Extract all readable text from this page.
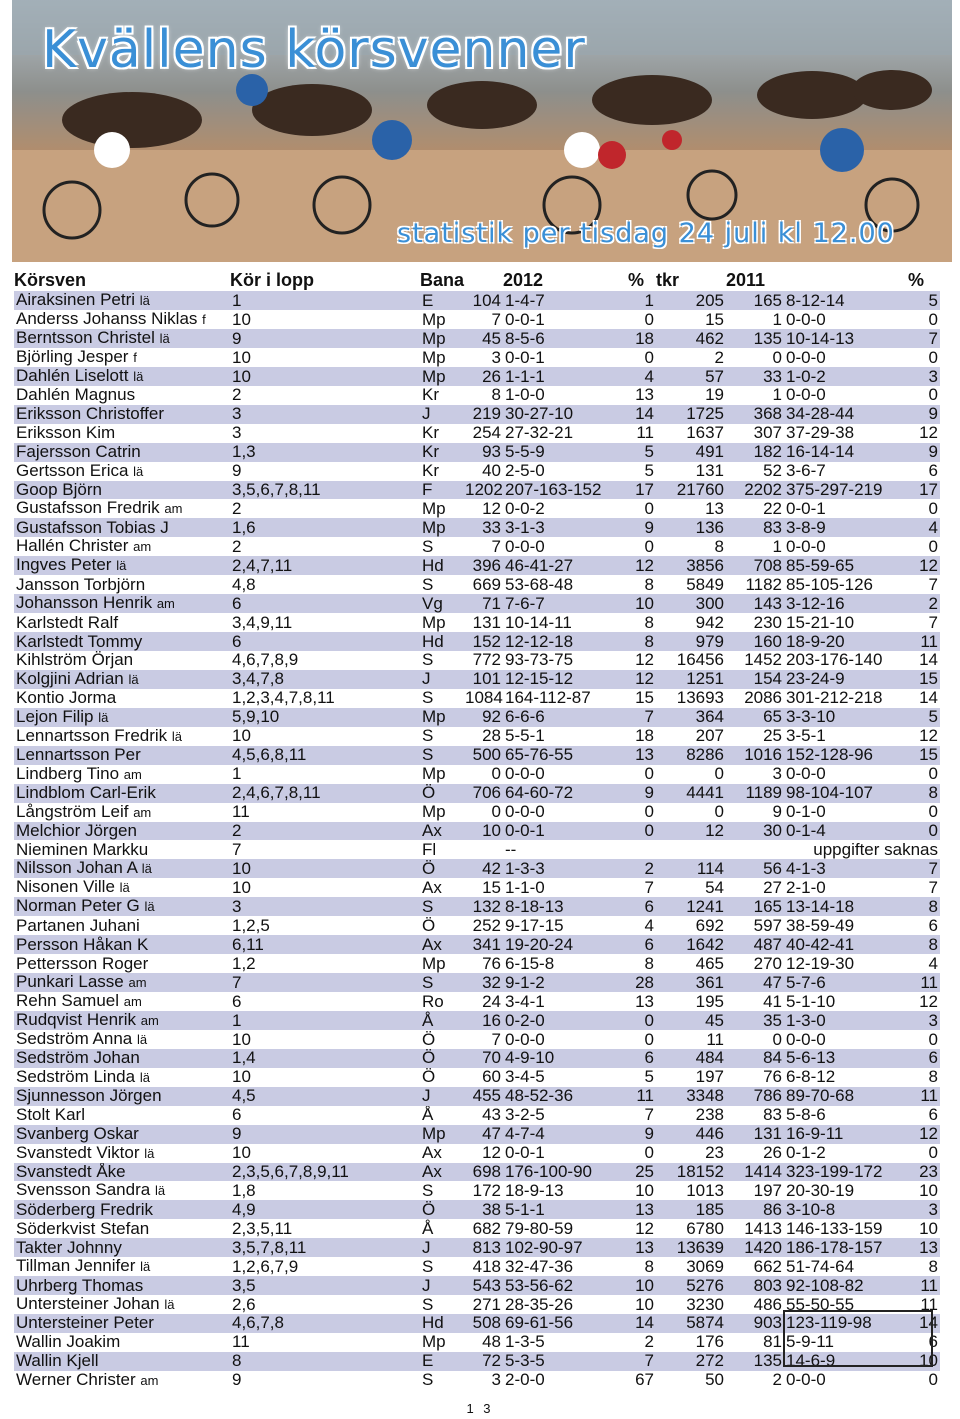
Kvällens körsvenner
statistik per tisdag 24 juli kl 12.00
Körsven	Kör i lopp	Bana		2012	%	tkr	2011		%
Airaksinen Petri lä	1	E	104	1-4-7	1	205	165	8-12-14	5
Anderss Johanss Niklas f	10	Mp	7	0-0-1	0	15	1	0-0-0	0
Berntsson Christel lä	9	Mp	45	8-5-6	18	462	135	10-14-13	7
Björling Jesper f	10	Mp	3	0-0-1	0	2	0	0-0-0	0
Dahlén Liselott lä	10	Mp	26	1-1-1	4	57	33	1-0-2	3
Dahlén Magnus	2	Kr	8	1-0-0	13	19	1	0-0-0	0
Eriksson Christoffer	3	J	219	30-27-10	14	1725	368	34-28-44	9
Eriksson Kim	3	Kr	254	27-32-21	11	1637	307	37-29-38	12
Fajersson Catrin	1,3	Kr	93	5-5-9	5	491	182	16-14-14	9
Gertsson Erica lä	9	Kr	40	2-5-0	5	131	52	3-6-7	6
Goop Björn	3,5,6,7,8,11	F	1202	207-163-152	17	21760	2202	375-297-219	17
Gustafsson Fredrik am	2	Mp	12	0-0-2	0	13	22	0-0-1	0
Gustafsson Tobias J	1,6	Mp	33	3-1-3	9	136	83	3-8-9	4
Hallén Christer am	2	S	7	0-0-0	0	8	1	0-0-0	0
Ingves Peter lä	2,4,7,11	Hd	396	46-41-27	12	3856	708	85-59-65	12
Jansson Torbjörn	4,8	S	669	53-68-48	8	5849	1182	85-105-126	7
Johansson Henrik am	6	Vg	71	7-6-7	10	300	143	3-12-16	2
Karlstedt Ralf	3,4,9,11	Mp	131	10-14-11	8	942	230	15-21-10	7
Karlstedt Tommy	6	Hd	152	12-12-18	8	979	160	18-9-20	11
Kihlström Örjan	4,6,7,8,9	S	772	93-73-75	12	16456	1452	203-176-140	14
Kolgjini Adrian lä	3,4,7,8	J	101	12-15-12	12	1251	154	23-24-9	15
Kontio Jorma	1,2,3,4,7,8,11	S	1084	164-112-87	15	13693	2086	301-212-218	14
Lejon Filip lä	5,9,10	Mp	92	6-6-6	7	364	65	3-3-10	5
Lennartsson Fredrik lä	10	S	28	5-5-1	18	207	25	3-5-1	12
Lennartsson Per	4,5,6,8,11	S	500	65-76-55	13	8286	1016	152-128-96	15
Lindberg Tino am	1	Mp	0	0-0-0	0	0	3	0-0-0	0
Lindblom Carl-Erik	2,4,6,7,8,11	Ö	706	64-60-72	9	4441	1189	98-104-107	8
Långström Leif am	11	Mp	0	0-0-0	0	0	9	0-1-0	0
Melchior Jörgen	2	Ax	10	0-0-1	0	12	30	0-1-4	0
Nieminen Markku	7	Fl		--		uppgifter saknas			
Nilsson Johan A lä	10	Ö	42	1-3-3	2	114	56	4-1-3	7
Nisonen Ville lä	10	Ax	15	1-1-0	7	54	27	2-1-0	7
Norman Peter G lä	3	S	132	8-18-13	6	1241	165	13-14-18	8
Partanen Juhani	1,2,5	Ö	252	9-17-15	4	692	597	38-59-49	6
Persson Håkan K	6,11	Ax	341	19-20-24	6	1642	487	40-42-41	8
Pettersson Roger	1,2	Mp	76	6-15-8	8	465	270	12-19-30	4
Punkari Lasse am	7	S	32	9-1-2	28	361	47	5-7-6	11
Rehn Samuel am	6	Ro	24	3-4-1	13	195	41	5-1-10	12
Rudqvist Henrik am	1	Å	16	0-2-0	0	45	35	1-3-0	3
Sedström Anna lä	10	Ö	7	0-0-0	0	11	0	0-0-0	0
Sedström Johan	1,4	Ö	70	4-9-10	6	484	84	5-6-13	6
Sedström Linda lä	10	Ö	60	3-4-5	5	197	76	6-8-12	8
Sjunnesson Jörgen	4,5	J	455	48-52-36	11	3348	786	89-70-68	11
Stolt Karl	6	Å	43	3-2-5	7	238	83	5-8-6	6
Svanberg Oskar	9	Mp	47	4-7-4	9	446	131	16-9-11	12
Svanstedt Viktor lä	10	Ax	12	0-0-1	0	23	26	0-1-2	0
Svanstedt Åke	2,3,5,6,7,8,9,11	Ax	698	176-100-90	25	18152	1414	323-199-172	23
Svensson Sandra lä	1,8	S	172	18-9-13	10	1013	197	20-30-19	10
Söderberg Fredrik	4,9	Ö	38	5-1-1	13	185	86	3-10-8	3
Söderkvist Stefan	2,3,5,11	Å	682	79-80-59	12	6780	1413	146-133-159	10
Takter Johnny	3,5,7,8,11	J	813	102-90-97	13	13639	1420	186-178-157	13
Tillman Jennifer lä	1,2,6,7,9	S	418	32-47-36	8	3069	662	51-74-64	8
Uhrberg Thomas	3,5	J	543	53-56-62	10	5276	803	92-108-82	11
Untersteiner Johan lä	2,6	S	271	28-35-26	10	3230	486	55-50-55	11
Untersteiner Peter	4,6,7,8	Hd	508	69-61-56	14	5874	903	123-119-98	14
Wallin Joakim	11	Mp	48	1-3-5	2	176	81	5-9-11	6
Wallin Kjell	8	E	72	5-3-5	7	272	135	14-6-9	10
Werner Christer am	9	S	3	2-0-0	67	50	2	0-0-0	0
1 3
